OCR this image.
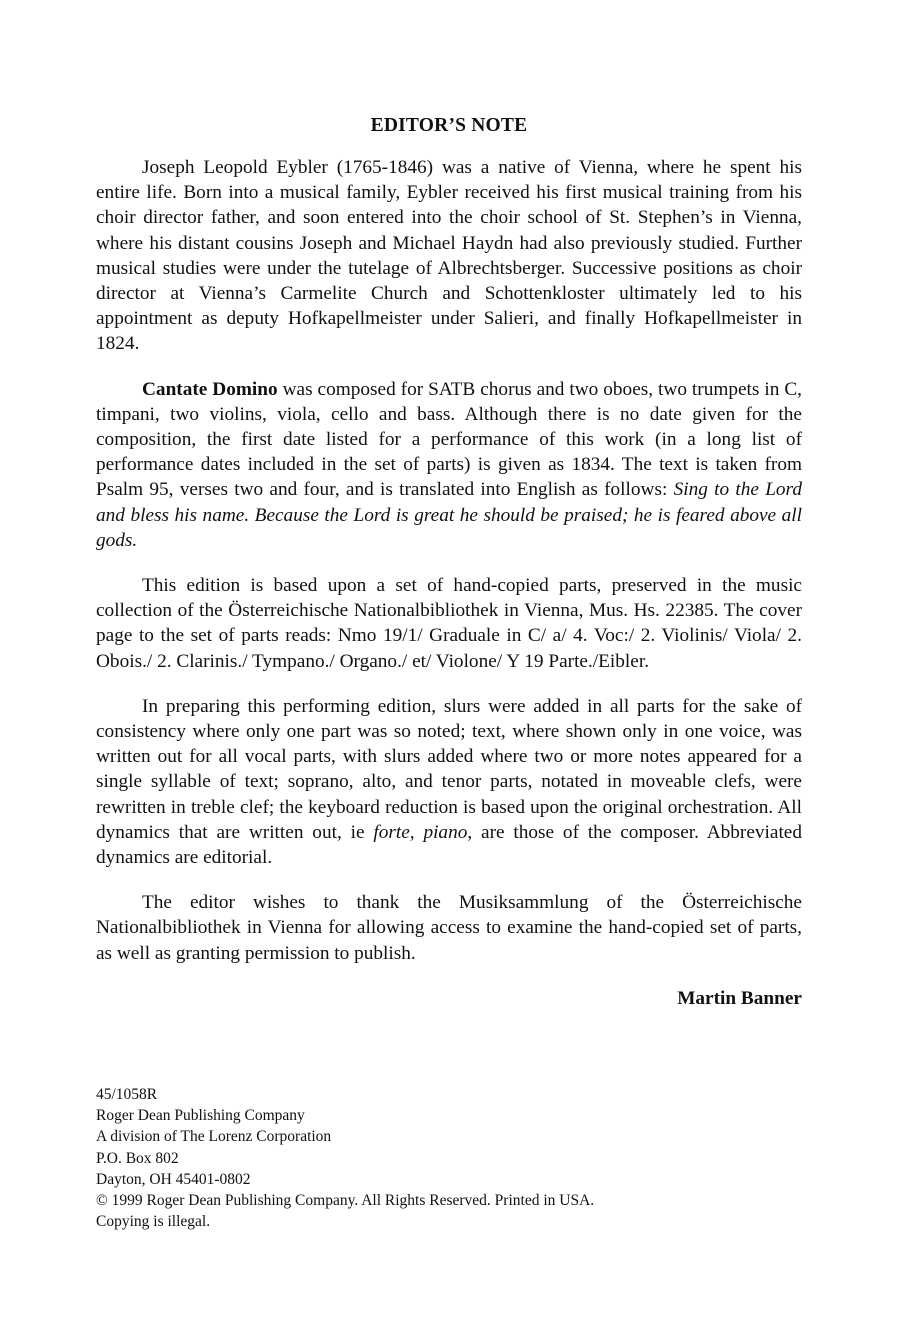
EDITOR’S NOTE

Joseph Leopold Eybler (1765-1846) was a native of Vienna, where he spent his entire life. Born into a musical family, Eybler received his first musical training from his choir director father, and soon entered into the choir school of St. Stephen’s in Vienna, where his distant cousins Joseph and Michael Haydn had also previously studied. Further musical studies were under the tutelage of Albrechtsberger. Successive positions as choir director at Vienna’s Carmelite Church and Schottenkloster ultimately led to his appointment as deputy Hofkapellmeister under Salieri, and finally Hofkapellmeister in 1824.

Cantate Domino was composed for SATB chorus and two oboes, two trumpets in C, timpani, two violins, viola, cello and bass. Although there is no date given for the composition, the first date listed for a performance of this work (in a long list of performance dates included in the set of parts) is given as 1834. The text is taken from Psalm 95, verses two and four, and is translated into English as follows: Sing to the Lord and bless his name. Because the Lord is great he should be praised; he is feared above all gods.

This edition is based upon a set of hand-copied parts, preserved in the music collection of the Österreichische Nationalbibliothek in Vienna, Mus. Hs. 22385. The cover page to the set of parts reads: Nmo 19/1/ Graduale in C/ a/ 4. Voc:/ 2. Violinis/ Viola/ 2. Obois./ 2. Clarinis./ Tympano./ Organo./ et/ Violone/ Y 19 Parte./Eibler.

In preparing this performing edition, slurs were added in all parts for the sake of consistency where only one part was so noted; text, where shown only in one voice, was written out for all vocal parts, with slurs added where two or more notes appeared for a single syllable of text; soprano, alto, and tenor parts, notated in moveable clefs, were rewritten in treble clef; the keyboard reduction is based upon the original orchestration. All dynamics that are written out, ie forte, piano, are those of the composer. Abbreviated dynamics are editorial.

The editor wishes to thank the Musiksammlung of the Österreichische Nationalbibliothek in Vienna for allowing access to examine the hand-copied set of parts, as well as granting permission to publish.

Martin Banner
45/1058R
Roger Dean Publishing Company
A division of The Lorenz Corporation
P.O. Box 802
Dayton, OH 45401-0802
© 1999 Roger Dean Publishing Company. All Rights Reserved. Printed in USA.
Copying is illegal.
